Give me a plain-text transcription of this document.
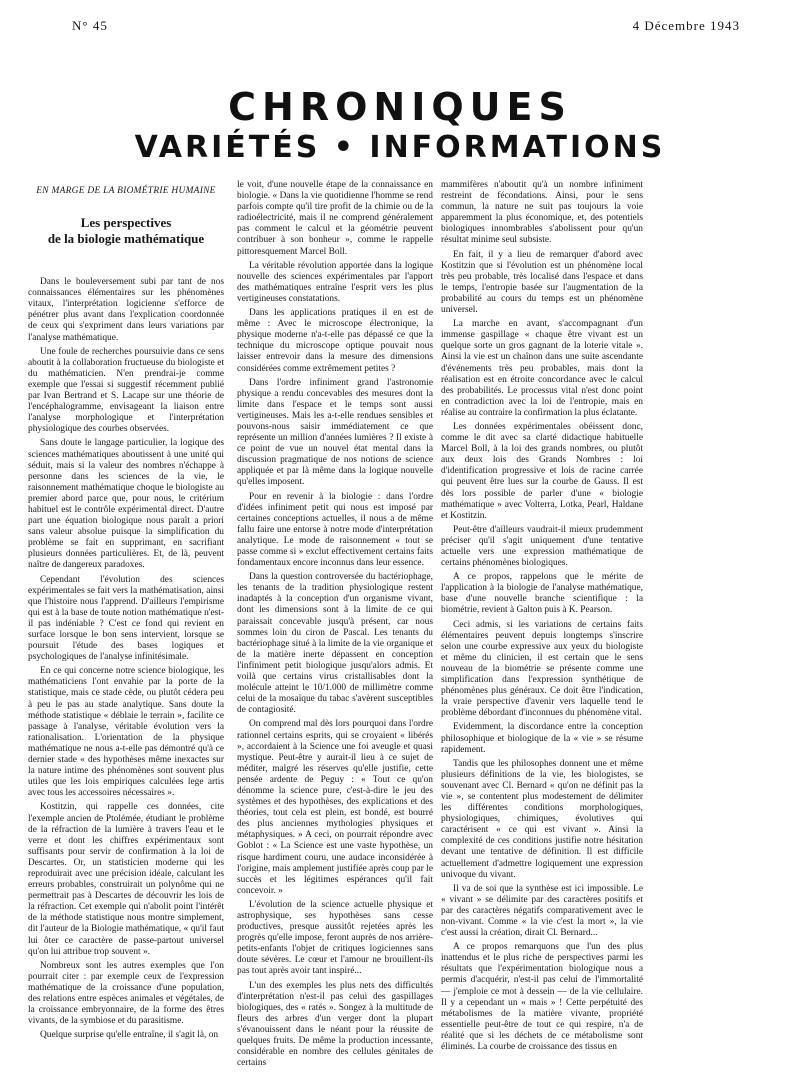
N° 45	4 Décembre 1943
CHRONIQUES
VARIÉTÉS • INFORMATIONS
EN MARGE DE LA BIOMÉTRIE HUMAINE
Les perspectives
de la biologie mathématique

Dans le bouleversement subi par tant de nos connaissances élémentaires sur les phénomènes vitaux, l'interprétation logicienne s'efforce de pénétrer plus avant dans l'explication coordonnée de ceux qui s'expriment dans leurs variations par l'analyse mathématique.

Une foule de recherches poursuivie dans ce sens aboutit à la collaboration fructueuse du biologiste et du mathématicien. N'en prendrai-je comme exemple que l'essai si suggestif récemment publié par Ivan Bertrand et S. Lacape sur une théorie de l'encéphalogramme, envisageant la liaison entre l'analyse morphologique et l'interprétation physiologique des courbes observées.

Sans doute le langage particulier, la logique des sciences mathématiques aboutissent à une unité qui séduit, mais si la valeur des nombres n'échappe à personne dans les sciences de la vie, le raisonnement mathématique choque le biologiste au premier abord parce que, pour nous, le critérium habituel est le contrôle expérimental direct. D'autre part une équation biologique nous paraît a priori sans valeur absolue puisque la simplification du problème se fait en supprimant, en sacrifiant plusieurs données particulières. Et, de là, peuvent naître de dangereux paradoxes.

Cependant l'évolution des sciences expérimentales se fait vers la mathématisation, ainsi que l'histoire nous l'apprend. D'ailleurs l'empirisme qui est à la base de toute notion mathématique n'est-il pas indéniable ? C'est ce fond qui revient en surface lorsque le bon sens intervient, lorsque se poursuit l'étude des bases logiques et psychologiques de l'analyse infinitésimale.

En ce qui concerne notre science biologique, les mathématiciens l'ont envahie par la porte de la statistique, mais ce stade cède, ou plutôt cédera peu à peu le pas au stade analytique. Sans doute la méthode statistique « déblaie le terrain », facilite ce passage à l'analyse, véritable évolution vers la rationalisation. L'orientation de la physique mathématique ne nous a-t-elle pas démontré qu'à ce dernier stade « des hypothèses même inexactes sur la nature intime des phénomènes sont souvent plus utiles que les lois empiriques calculées lege artis avec tous les accessoires nécessaires ».

Kostitzin, qui rappelle ces données, cite l'exemple ancien de Ptolémée, étudiant le problème de la réfraction de la lumière à travers l'eau et le verre et dont les chiffres expérimentaux sont suffisants pour servir de confirmation à la loi de Descartes. Or, un statisticien moderne qui les reproduirait avec une précision idéale, calculant les erreurs probables, construirait un polynôme qui ne permettrait pas à Descartes de découvrir les lois de la réfraction. Cet exemple qui n'abolit point l'intérêt de la méthode statistique nous montre simplement, dit l'auteur de la Biologie mathématique, « qu'il faut lui ôter ce caractère de passe-partout universel qu'on lui attribue trop souvent ».

Nombreux sont les autres exemples que l'on pourrait citer : par exemple ceux de l'expression mathématique de la croissance d'une population, des relations entre espèces animales et végétales, de la croissance embryonnaire, de la forme des êtres vivants, de la symbiose et du parasitisme.

Quelque surprise qu'elle entraîne, il s'agit là, on

le voit, d'une nouvelle étape de la connaissance en biologie. « Dans la vie quotidienne l'homme se rend parfois compte qu'il tire profit de la chimie ou de la radioélectricité, mais il ne comprend généralement pas comment le calcul et la géométrie peuvent contribuer à son bonheur », comme le rappelle pittoresquement Marcel Boll.

La véritable révolution apportée dans la logique nouvelle des sciences expérimentales par l'apport des mathématiques entraîne l'esprit vers les plus vertigineuses constatations.

Dans les applications pratiques il en est de même : Avec le microscope électronique, la physique moderne n'a-t-elle pas dépassé ce que la technique du microscope optique pouvait nous laisser entrevoir dans la mesure des dimensions considérées comme extrêmement petites ?

Dans l'ordre infiniment grand l'astronomie physique a rendu concevables des mesures dont la limite dans l'espace et le temps sont aussi vertigineuses. Mais les a-t-elle rendues sensibles et pouvons-nous saisir immédiatement ce que représente un million d'années lumières ? Il existe à ce point de vue un nouvel état mental dans la discussion pragmatique de nos notions de science appliquée et par là même dans la logique nouvelle qu'elles imposent.

Pour en revenir à la biologie : dans l'ordre d'idées infiniment petit qui nous est imposé par certaines conceptions actuelles, il nous a de même fallu faire une entorse à notre mode d'interprétation analytique. Le mode de raisonnement « tout se passe comme si » exclut effectivement certains faits fondamentaux encore inconnus dans leur essence.

Dans la question controversée du bactériophage, les tenants de la tradition physiologique restent inadaptés à la conception d'un organisme vivant, dont les dimensions sont à la limite de ce qui paraissait concevable jusqu'à présent, car nous sommes loin du ciron de Pascal. Les tenants du bactériophage situé à la limite de la vie organique et de la matière inerte dépassent en conception l'infiniment petit biologique jusqu'alors admis. Et voilà que certains virus cristallisables dont la molécule atteint le 10/1.000 de millimètre comme celui de la mosaïque du tabac s'avèrent susceptibles de contagiosité.

On comprend mal dès lors pourquoi dans l'ordre rationnel certains esprits, qui se croyaient « libérés », accordaient à la Science une foi aveugle et quasi mystique. Peut-être y aurait-il lieu à ce sujet de méditer, malgré les réserves qu'elle justifie, cette pensée ardente de Peguy : « Tout ce qu'on dénomme la science pure, c'est-à-dire le jeu des systèmes et des hypothèses, des explications et des théories, tout cela est plein, est bondé, est bourré des plus anciennes mythologies physiques et métaphysiques. » A ceci, on pourrait répondre avec Goblot : « La Science est une vaste hypothèse, un risque hardiment couru, une audace inconsidérée à l'origine, mais amplement justifiée après coup par le succès et les légitimes espérances qu'il fait concevoir. »

L'évolution de la science actuelle physique et astrophysique, ses hypothèses sans cesse productives, presque aussitôt rejetées après les progrès qu'elle impose, feront auprès de nos arrière-petits-enfants l'objet de critiques logiciennes sans doute sévères. Le cœur et l'amour ne brouillent-ils pas tout après avoir tant inspiré...

L'un des exemples les plus nets des difficultés d'interprétation n'est-il pas celui des gaspillages biologiques, des « ratés ». Songez à la multitude de fleurs des arbres d'un verger dont la plupart s'évanouissent dans le néant pour la réussite de quelques fruits. De même la production incessante, considérable en nombre des cellules génitales de certains

mammifères n'aboutit qu'à un nombre infiniment restreint de fécondations. Ainsi, pour le sens commun, la nature ne suit pas toujours la voie apparemment la plus économique, et, des potentiels biologiques innombrables s'abolissent pour qu'un résultat minime seul subsiste.

En fait, il y a lieu de remarquer d'abord avec Kostitzin que si l'évolution est un phénomène local très peu probable, très localisé dans l'espace et dans le temps, l'entropie basée sur l'augmentation de la probabilité au cours du temps est un phénomène universel.

La marche en avant, s'accompagnant d'un immense gaspillage « chaque être vivant est un quelque sorte un gros gagnant de la loterie vitale ». Ainsi la vie est un chaînon dans une suite ascendante d'événements très peu probables, mais dont la réalisation est en étroite concordance avec le calcul des probabilités. Le processus vital n'est donc point en contradiction avec la loi de l'entropie, mais en réalise au contraire la confirmation la plus éclatante.

Les données expérimentales obéissent donc, comme le dit avec sa clarté didactique habituelle Marcel Boll, à la loi des grands nombres, ou plutôt aux deux lois des Grands Nombres : loi d'identification progressive et lois de racine carrée qui peuvent être lues sur la courbe de Gauss. Il est dès lors possible de parler d'une « biologie mathématique » avec Volterra, Lotka, Pearl, Haldane et Kostitzin.

Peut-être d'ailleurs vaudrait-il mieux prudemment préciser qu'il s'agit uniquement d'une tentative actuelle vers une expression mathématique de certains phénomènes biologiques.

A ce propos, rappelons que le mérite de l'application à la biologie de l'analyse mathématique, base d'une nouvelle branche scientifique : la biométrie, revient à Galton puis à K. Pearson.

Ceci admis, si les variations de certains faits élémentaires peuvent depuis longtemps s'inscrire selon une courbe expressive aux yeux du biologiste et même du clinicien, il est certain que le sens nouveau de la biométrie se présente comme une simplification dans l'expression synthétique de phénomènes plus généraux. Ce doit être l'indication, la vraie perspective d'avenir vers laquelle tend le problème débordant d'inconnues du phénomène vital.

Evidemment, la discordance entre la conception philosophique et biologique de la « vie » se résume rapidement.

Tandis que les philosophes donnent une et même plusieurs définitions de la vie, les biologistes, se souvenant avec Cl. Bernard « qu'on ne définit pas la vie », se contentent plus modestement de délimiter les différentes conditions morphologiques, physiologiques, chimiques, évolutives qui caractérisent « ce qui est vivant ». Ainsi la complexité de ces conditions justifie notre hésitation devant une tentative de définition. Il est difficile actuellement d'admettre logiquement une expression univoque du vivant.

Il va de soi que la synthèse est ici impossible. Le « vivant » se délimite par des caractères positifs et par des caractères négatifs comparativement avec le non-vivant. Comme « la vie c'est la mort », la vie c'est aussi la création, dirait Cl. Bernard...

A ce propos remarquons que l'un des plus inattendus et le plus riche de perspectives parmi les résultats que l'expérimentation biologique nous a permis d'acquérir, n'est-il pas celui de l'immortalité — j'emploie ce mot à dessein — de la vie cellulaire. Il y a cependant un « mais » ! Cette perpétuité des métabolismes de la matière vivante, propriété essentielle peut-être de tout ce qui respire, n'a de réalité que si les déchets de ce métabolisme sont éliminés. La courbe de croissance des tissus en
